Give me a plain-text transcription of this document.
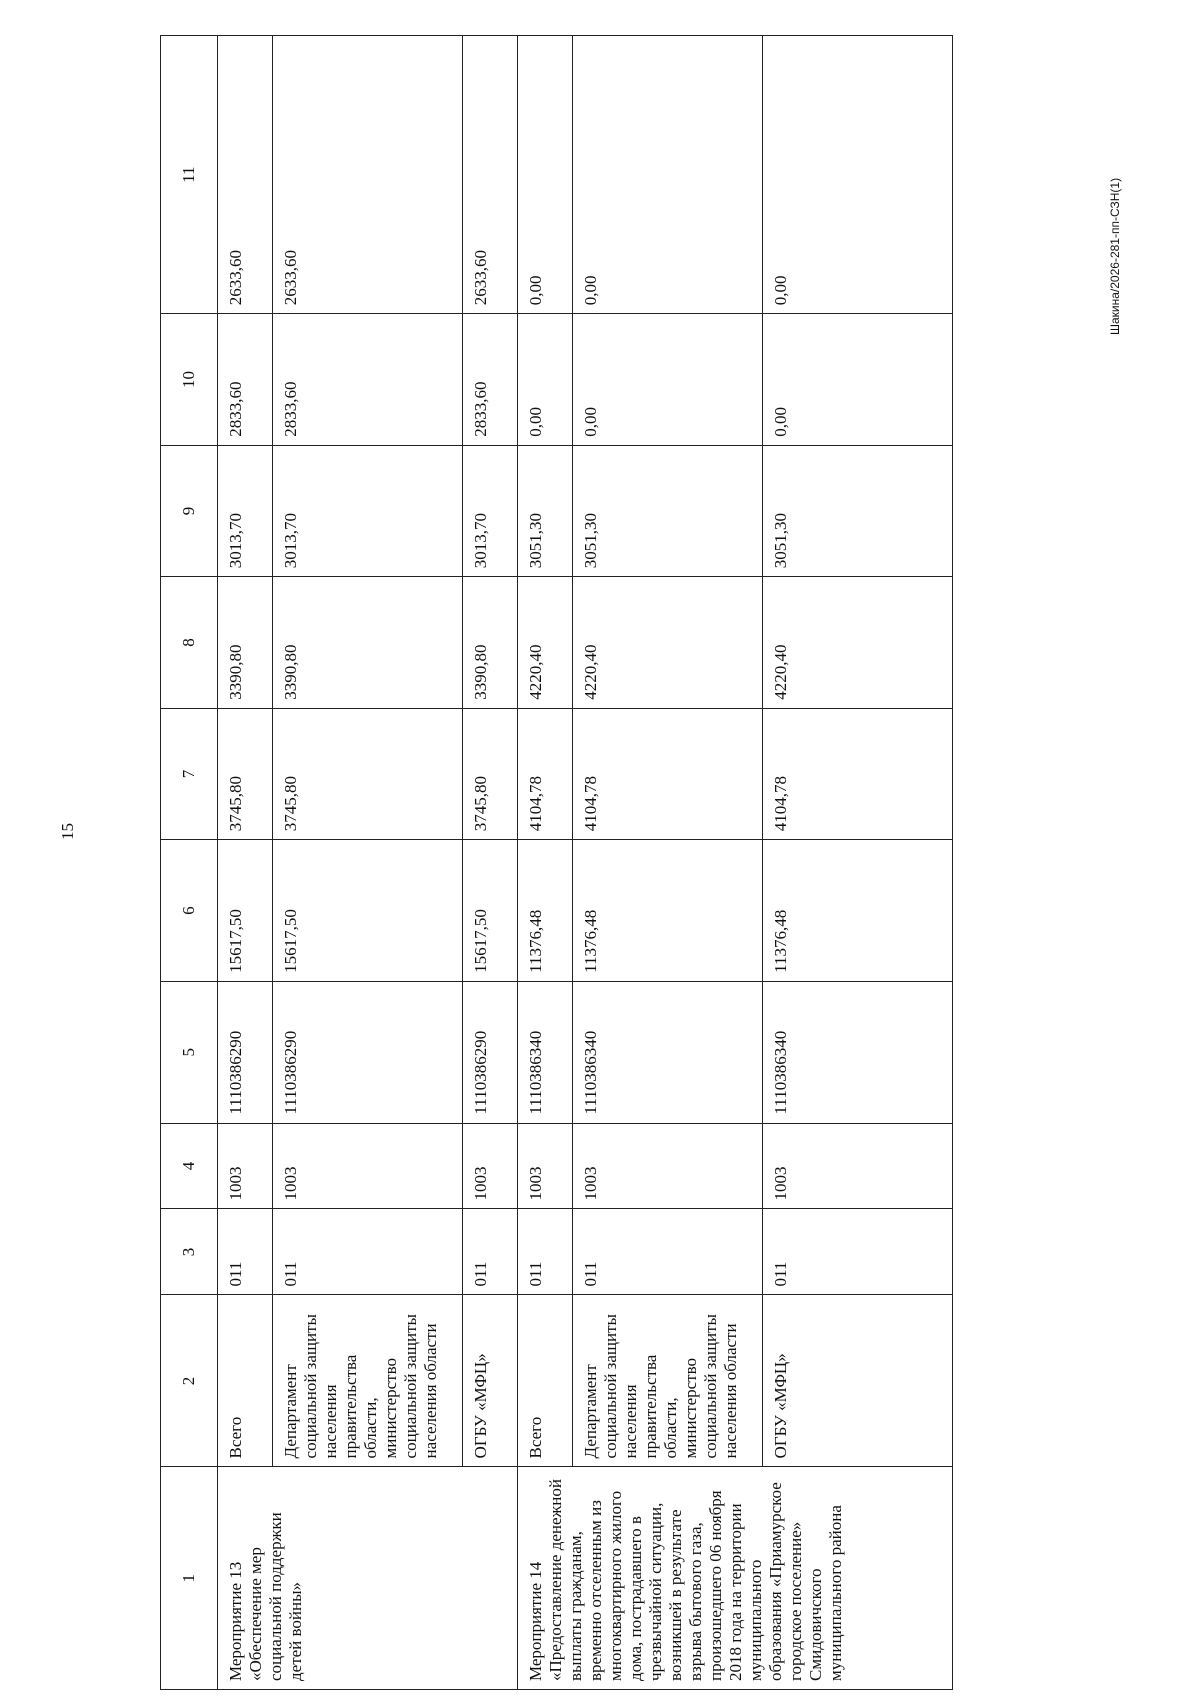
15
Шакина/2026-281-пп-СЗН(1)
1	2	3	4	5	6	7	8	9	10	11
Мероприятие 13 «Обеспечение мер социальной поддержки детей войны»	Всего	011	1003	1110386290	15617,50	3745,80	3390,80	3013,70	2833,60	2633,60
	Департамент социальной защиты населения правительства области, министерство социальной защиты населения области	011	1003	1110386290	15617,50	3745,80	3390,80	3013,70	2833,60	2633,60
	ОГБУ «МФЦ»	011	1003	1110386290	15617,50	3745,80	3390,80	3013,70	2833,60	2633,60
Мероприятие 14 «Предоставление денежной выплаты гражданам, временно отселенным из многоквартирного жилого дома, пострадавшего в чрезвычайной ситуации, возникшей в результате взрыва бытового газа, произошедшего 06 ноября 2018 года на территории муниципального образования «Приамурское городское поселение» Смидовичского муниципального района	Всего	011	1003	1110386340	11376,48	4104,78	4220,40	3051,30	0,00	0,00
	Департамент социальной защиты населения правительства области, министерство социальной защиты населения области	011	1003	1110386340	11376,48	4104,78	4220,40	3051,30	0,00	0,00
	ОГБУ «МФЦ»	011	1003	1110386340	11376,48	4104,78	4220,40	3051,30	0,00	0,00
